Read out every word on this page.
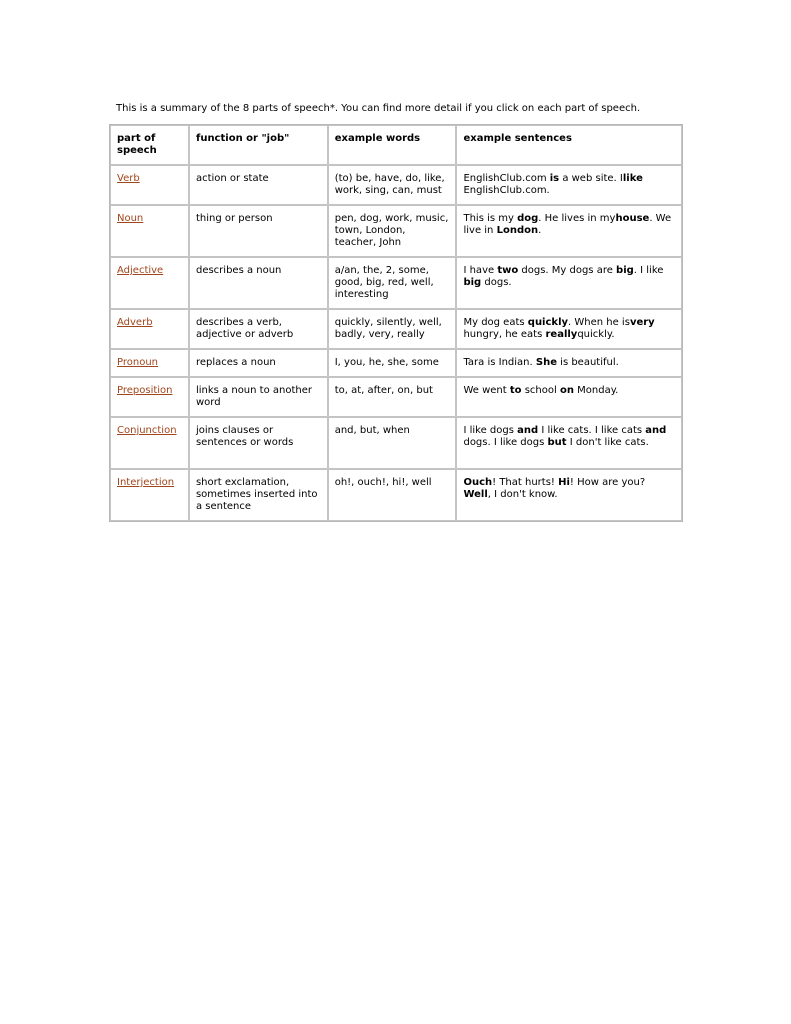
This is a summary of the 8 parts of speech*. You can find more detail if you click on each part of speech.

part of speech	function or "job"	example words	example sentences
Verb	action or state	(to) be, have, do, like, work, sing, can, must	EnglishClub.com is a web site. Ilike EnglishClub.com.
Noun	thing or person	pen, dog, work, music, town, London, teacher, John	This is my dog. He lives in myhouse. We live in London.
Adjective	describes a noun	a/an, the, 2, some, good, big, red, well, interesting	I have two dogs. My dogs are big. I like big dogs.
Adverb	describes a verb, adjective or adverb	quickly, silently, well, badly, very, really	My dog eats quickly. When he isvery hungry, he eats reallyquickly.
Pronoun	replaces a noun	I, you, he, she, some	Tara is Indian. She is beautiful.
Preposition	links a noun to another word	to, at, after, on, but	We went to school on Monday.
Conjunction	joins clauses or sentences or words	and, but, when	I like dogs and I like cats. I like cats and dogs. I like dogs but I don't like cats.
Interjection	short exclamation, sometimes inserted into a sentence	oh!, ouch!, hi!, well	Ouch! That hurts! Hi! How are you? Well, I don't know.
